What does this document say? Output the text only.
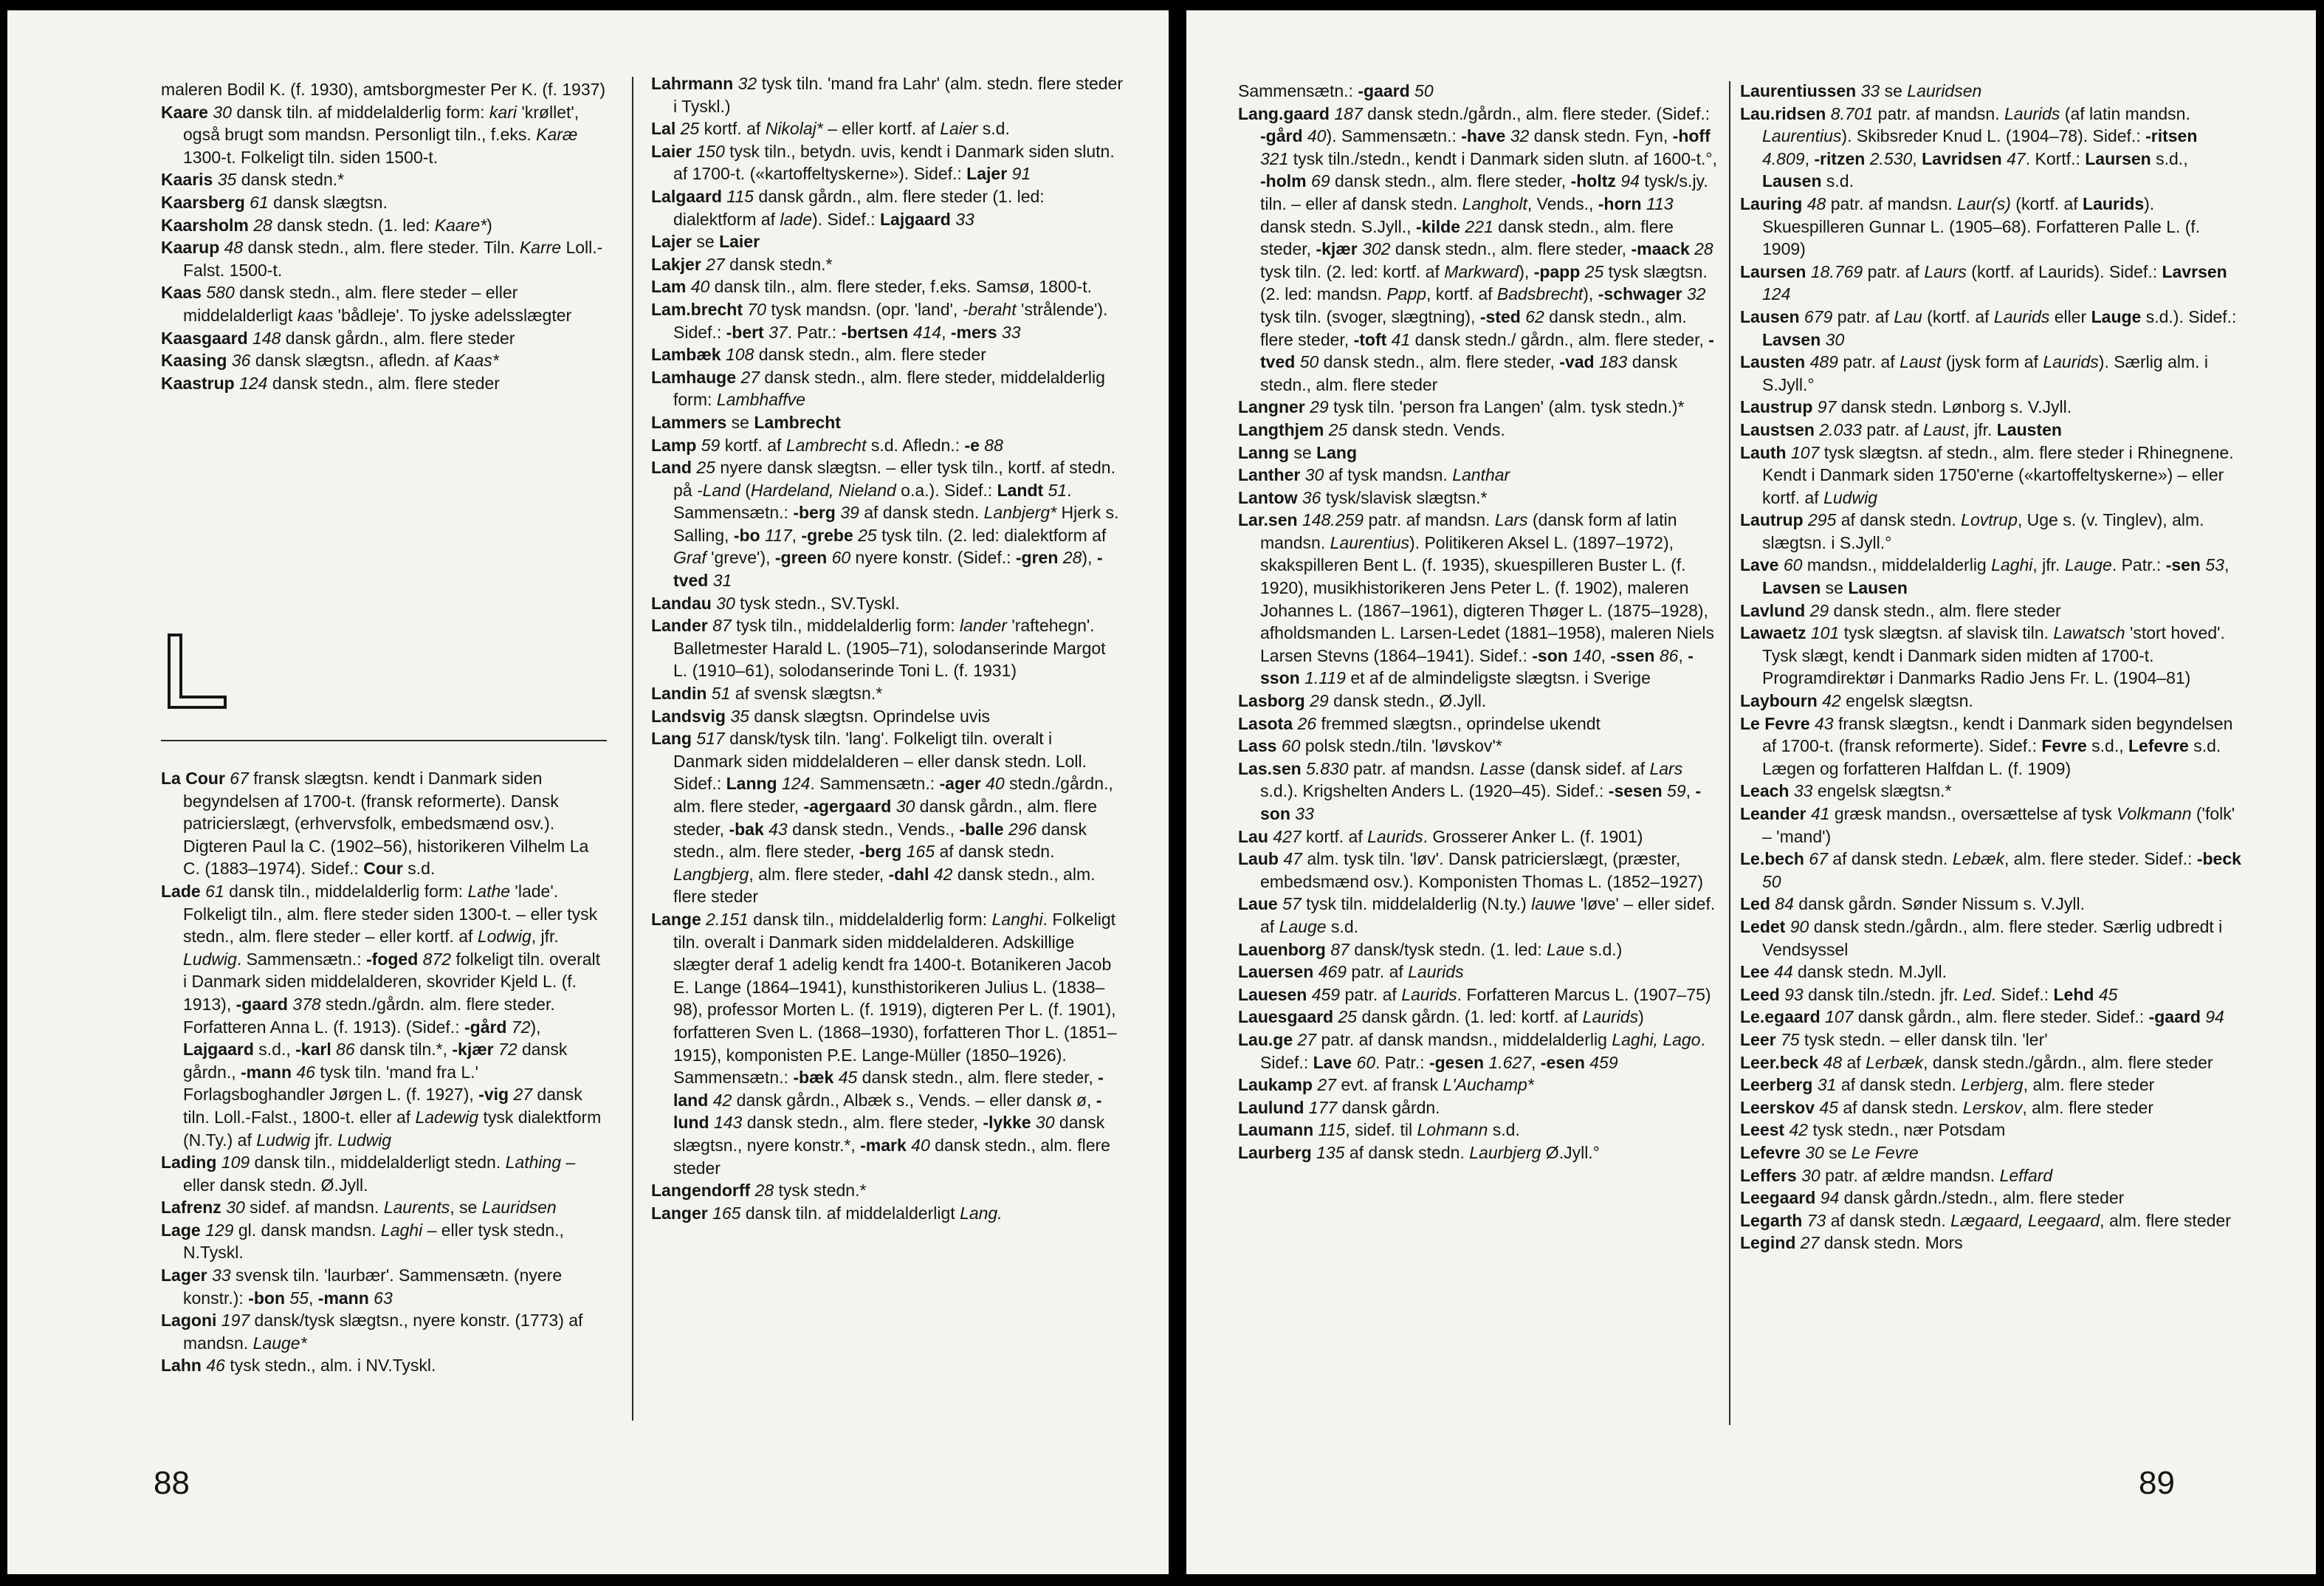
maleren Bodil K. (f. 1930), amtsborgmester Per K. (f. 1937)

Kaare 30 dansk tiln. af middelalderlig form: kari 'krøllet', også brugt som mandsn. Personligt tiln., f.eks. Karæ 1300-t. Folkeligt tiln. siden 1500-t.

Kaaris 35 dansk stedn.*

Kaarsberg 61 dansk slægtsn.

Kaarsholm 28 dansk stedn. (1. led: Kaare*)

Kaarup 48 dansk stedn., alm. flere steder. Tiln. Karre Loll.-Falst. 1500-t.

Kaas 580 dansk stedn., alm. flere steder – eller middelalderligt kaas 'bådleje'. To jyske adelsslægter

Kaasgaard 148 dansk gårdn., alm. flere steder

Kaasing 36 dansk slægtsn., afledn. af Kaas*

Kaastrup 124 dansk stedn., alm. flere steder

La Cour 67 fransk slægtsn. kendt i Danmark siden begyndelsen af 1700-t. (fransk reformerte). Dansk patricierslægt, (erhvervsfolk, embedsmænd osv.). Digteren Paul la C. (1902–56), historikeren Vilhelm La C. (1883–1974). Sidef.: Cour s.d.

Lade 61 dansk tiln., middelalderlig form: Lathe 'lade'. Folkeligt tiln., alm. flere steder siden 1300-t. – eller tysk stedn., alm. flere steder – eller kortf. af Lodwig, jfr. Ludwig. Sammensætn.: -foged 872 folkeligt tiln. overalt i Danmark siden middelalderen, skovrider Kjeld L. (f. 1913), -gaard 378 stedn./gårdn. alm. flere steder. Forfatteren Anna L. (f. 1913). (Sidef.: -gård 72), Lajgaard s.d., -karl 86 dansk tiln.*, -kjær 72 dansk gårdn., -mann 46 tysk tiln. 'mand fra L.' Forlagsboghandler Jørgen L. (f. 1927), -vig 27 dansk tiln. Loll.-Falst., 1800-t. eller af Ladewig tysk dialektform (N.Ty.) af Ludwig jfr. Ludwig

Lading 109 dansk tiln., middelalderligt stedn. Lathing – eller dansk stedn. Ø.Jyll.

Lafrenz 30 sidef. af mandsn. Laurents, se Lauridsen

Lage 129 gl. dansk mandsn. Laghi – eller tysk stedn., N.Tyskl.

Lager 33 svensk tiln. 'laurbær'. Sammensætn. (nyere konstr.): -bon 55, -mann 63

Lagoni 197 dansk/tysk slægtsn., nyere konstr. (1773) af mandsn. Lauge*

Lahn 46 tysk stedn., alm. i NV.Tyskl.

Lahrmann 32 tysk tiln. 'mand fra Lahr' (alm. stedn. flere steder i Tyskl.)

Lal 25 kortf. af Nikolaj* – eller kortf. af Laier s.d.

Laier 150 tysk tiln., betydn. uvis, kendt i Danmark siden slutn. af 1700-t. («kartoffeltyskerne»). Sidef.: Lajer 91

Lalgaard 115 dansk gårdn., alm. flere steder (1. led: dialektform af lade). Sidef.: Lajgaard 33

Lajer se Laier

Lakjer 27 dansk stedn.*

Lam 40 dansk tiln., alm. flere steder, f.eks. Samsø, 1800-t.

Lam.brecht 70 tysk mandsn. (opr. 'land', -beraht 'strålende'). Sidef.: -bert 37. Patr.: -bertsen 414, -mers 33

Lambæk 108 dansk stedn., alm. flere steder

Lamhauge 27 dansk stedn., alm. flere steder, middelalderlig form: Lambhaffve

Lammers se Lambrecht

Lamp 59 kortf. af Lambrecht s.d. Afledn.: -e 88

Land 25 nyere dansk slægtsn. – eller tysk tiln., kortf. af stedn. på -Land (Hardeland, Nieland o.a.). Sidef.: Landt 51. Sammensætn.: -berg 39 af dansk stedn. Lanbjerg* Hjerk s. Salling, -bo 117, -grebe 25 tysk tiln. (2. led: dialektform af Graf 'greve'), -green 60 nyere konstr. (Sidef.: -gren 28), -tved 31

Landau 30 tysk stedn., SV.Tyskl.

Lander 87 tysk tiln., middelalderlig form: lander 'raftehegn'. Balletmester Harald L. (1905–71), solodanserinde Margot L. (1910–61), solodanserinde Toni L. (f. 1931)

Landin 51 af svensk slægtsn.*

Landsvig 35 dansk slægtsn. Oprindelse uvis

Lang 517 dansk/tysk tiln. 'lang'. Folkeligt tiln. overalt i Danmark siden middelalderen – eller dansk stedn. Loll. Sidef.: Lanng 124. Sammensætn.: -ager 40 stedn./gårdn., alm. flere steder, -agergaard 30 dansk gårdn., alm. flere steder, -bak 43 dansk stedn., Vends., -balle 296 dansk stedn., alm. flere steder, -berg 165 af dansk stedn. Langbjerg, alm. flere steder, -dahl 42 dansk stedn., alm. flere steder

Lange 2.151 dansk tiln., middelalderlig form: Langhi. Folkeligt tiln. overalt i Danmark siden middelalderen. Adskillige slægter deraf 1 adelig kendt fra 1400-t. Botanikeren Jacob E. Lange (1864–1941), kunsthistorikeren Julius L. (1838–98), professor Morten L. (f. 1919), digteren Per L. (f. 1901), forfatteren Sven L. (1868–1930), forfatteren Thor L. (1851–1915), komponisten P.E. Lange-Müller (1850–1926). Sammensætn.: -bæk 45 dansk stedn., alm. flere steder, -land 42 dansk gårdn., Albæk s., Vends. – eller dansk ø, -lund 143 dansk stedn., alm. flere steder, -lykke 30 dansk slægtsn., nyere konstr.*, -mark 40 dansk stedn., alm. flere steder

Langendorff 28 tysk stedn.*

Langer 165 dansk tiln. af middelalderligt Lang.

88

Sammensætn.: -gaard 50

Lang.gaard 187 dansk stedn./gårdn., alm. flere steder. (Sidef.: -gård 40). Sammensætn.: -have 32 dansk stedn. Fyn, -hoff 321 tysk tiln./stedn., kendt i Danmark siden slutn. af 1600-t.°, -holm 69 dansk stedn., alm. flere steder, -holtz 94 tysk/s.jy. tiln. – eller af dansk stedn. Langholt, Vends., -horn 113 dansk stedn. S.Jyll., -kilde 221 dansk stedn., alm. flere steder, -kjær 302 dansk stedn., alm. flere steder, -maack 28 tysk tiln. (2. led: kortf. af Markward), -papp 25 tysk slægtsn. (2. led: mandsn. Papp, kortf. af Badsbrecht), -schwager 32 tysk tiln. (svoger, slægtning), -sted 62 dansk stedn., alm. flere steder, -toft 41 dansk stedn./ gårdn., alm. flere steder, -tved 50 dansk stedn., alm. flere steder, -vad 183 dansk stedn., alm. flere steder

Langner 29 tysk tiln. 'person fra Langen' (alm. tysk stedn.)*

Langthjem 25 dansk stedn. Vends.

Lanng se Lang

Lanther 30 af tysk mandsn. Lanthar

Lantow 36 tysk/slavisk slægtsn.*

Lar.sen 148.259 patr. af mandsn. Lars (dansk form af latin mandsn. Laurentius). Politikeren Aksel L. (1897–1972), skakspilleren Bent L. (f. 1935), skuespilleren Buster L. (f. 1920), musikhistorikeren Jens Peter L. (f. 1902), maleren Johannes L. (1867–1961), digteren Thøger L. (1875–1928), afholdsmanden L. Larsen-Ledet (1881–1958), maleren Niels Larsen Stevns (1864–1941). Sidef.: -son 140, -ssen 86, -sson 1.119 et af de almindeligste slægtsn. i Sverige

Lasborg 29 dansk stedn., Ø.Jyll.

Lasota 26 fremmed slægtsn., oprindelse ukendt

Lass 60 polsk stedn./tiln. 'løvskov'*

Las.sen 5.830 patr. af mandsn. Lasse (dansk sidef. af Lars s.d.). Krigshelten Anders L. (1920–45). Sidef.: -sesen 59, -son 33

Lau 427 kortf. af Laurids. Grosserer Anker L. (f. 1901)

Laub 47 alm. tysk tiln. 'løv'. Dansk patricierslægt, (præster, embedsmænd osv.). Komponisten Thomas L. (1852–1927)

Laue 57 tysk tiln. middelalderlig (N.ty.) lauwe 'løve' – eller sidef. af Lauge s.d.

Lauenborg 87 dansk/tysk stedn. (1. led: Laue s.d.)

Lauersen 469 patr. af Laurids

Lauesen 459 patr. af Laurids. Forfatteren Marcus L. (1907–75)

Lauesgaard 25 dansk gårdn. (1. led: kortf. af Laurids)

Lau.ge 27 patr. af dansk mandsn., middelalderlig Laghi, Lago. Sidef.: Lave 60. Patr.: -gesen 1.627, -esen 459

Laukamp 27 evt. af fransk L'Auchamp*

Laulund 177 dansk gårdn.

Laumann 115, sidef. til Lohmann s.d.

Laurberg 135 af dansk stedn. Laurbjerg Ø.Jyll.°

Laurentiussen 33 se Lauridsen

Lau.ridsen 8.701 patr. af mandsn. Laurids (af latin mandsn. Laurentius). Skibsreder Knud L. (1904–78). Sidef.: -ritsen 4.809, -ritzen 2.530, Lavridsen 47. Kortf.: Laursen s.d., Lausen s.d.

Lauring 48 patr. af mandsn. Laur(s) (kortf. af Laurids). Skuespilleren Gunnar L. (1905–68). Forfatteren Palle L. (f. 1909)

Laursen 18.769 patr. af Laurs (kortf. af Laurids). Sidef.: Lavrsen 124

Lausen 679 patr. af Lau (kortf. af Laurids eller Lauge s.d.). Sidef.: Lavsen 30

Lausten 489 patr. af Laust (jysk form af Laurids). Særlig alm. i S.Jyll.°

Laustrup 97 dansk stedn. Lønborg s. V.Jyll.

Laustsen 2.033 patr. af Laust, jfr. Lausten

Lauth 107 tysk slægtsn. af stedn., alm. flere steder i Rhinegnene. Kendt i Danmark siden 1750'erne («kartoffeltyskerne») – eller kortf. af Ludwig

Lautrup 295 af dansk stedn. Lovtrup, Uge s. (v. Tinglev), alm. slægtsn. i S.Jyll.°

Lave 60 mandsn., middelalderlig Laghi, jfr. Lauge. Patr.: -sen 53, Lavsen se Lausen

Lavlund 29 dansk stedn., alm. flere steder

Lawaetz 101 tysk slægtsn. af slavisk tiln. Lawatsch 'stort hoved'. Tysk slægt, kendt i Danmark siden midten af 1700-t. Programdirektør i Danmarks Radio Jens Fr. L. (1904–81)

Laybourn 42 engelsk slægtsn.

Le Fevre 43 fransk slægtsn., kendt i Danmark siden begyndelsen af 1700-t. (fransk reformerte). Sidef.: Fevre s.d., Lefevre s.d. Lægen og forfatteren Halfdan L. (f. 1909)

Leach 33 engelsk slægtsn.*

Leander 41 græsk mandsn., oversættelse af tysk Volkmann ('folk' – 'mand')

Le.bech 67 af dansk stedn. Lebæk, alm. flere steder. Sidef.: -beck 50

Led 84 dansk gårdn. Sønder Nissum s. V.Jyll.

Ledet 90 dansk stedn./gårdn., alm. flere steder. Særlig udbredt i Vendsyssel

Lee 44 dansk stedn. M.Jyll.

Leed 93 dansk tiln./stedn. jfr. Led. Sidef.: Lehd 45

Le.egaard 107 dansk gårdn., alm. flere steder. Sidef.: -gaard 94

Leer 75 tysk stedn. – eller dansk tiln. 'ler'

Leer.beck 48 af Lerbæk, dansk stedn./gårdn., alm. flere steder

Leerberg 31 af dansk stedn. Lerbjerg, alm. flere steder

Leerskov 45 af dansk stedn. Lerskov, alm. flere steder

Leest 42 tysk stedn., nær Potsdam

Lefevre 30 se Le Fevre

Leffers 30 patr. af ældre mandsn. Leffard

Leegaard 94 dansk gårdn./stedn., alm. flere steder

Legarth 73 af dansk stedn. Lægaard, Leegaard, alm. flere steder

Legind 27 dansk stedn. Mors

89
